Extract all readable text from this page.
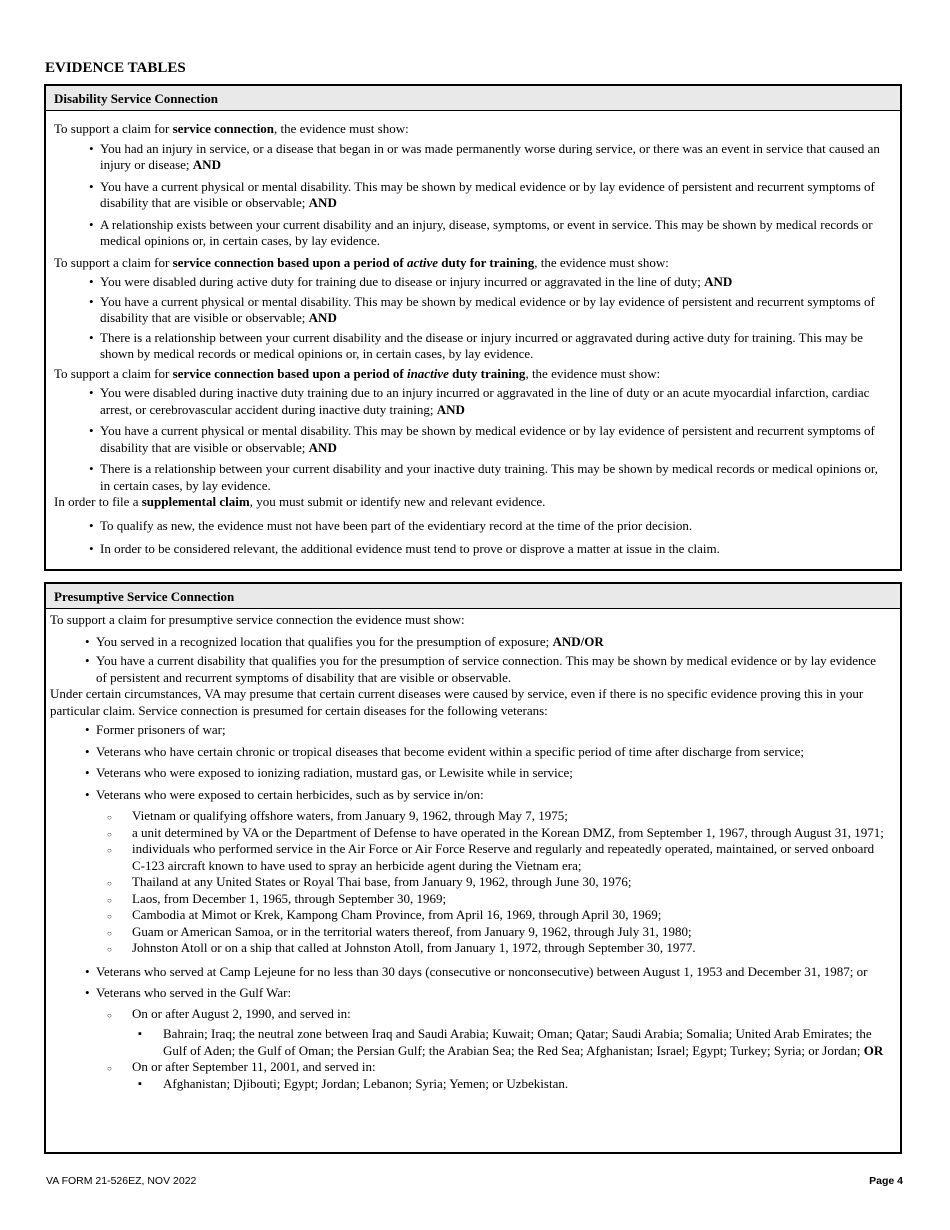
EVIDENCE TABLES
Disability Service Connection

To support a claim for service connection, the evidence must show:

• You had an injury in service, or a disease that began in or was made permanently worse during service, or there was an event in service that caused an injury or disease; AND
• You have a current physical or mental disability. This may be shown by medical evidence or by lay evidence of persistent and recurrent symptoms of disability that are visible or observable; AND
• A relationship exists between your current disability and an injury, disease, symptoms, or event in service. This may be shown by medical records or medical opinions or, in certain cases, by lay evidence.

To support a claim for service connection based upon a period of active duty for training, the evidence must show:

• You were disabled during active duty for training due to disease or injury incurred or aggravated in the line of duty; AND
• You have a current physical or mental disability. This may be shown by medical evidence or by lay evidence of persistent and recurrent symptoms of disability that are visible or observable; AND
• There is a relationship between your current disability and the disease or injury incurred or aggravated during active duty for training. This may be shown by medical records or medical opinions or, in certain cases, by lay evidence.

To support a claim for service connection based upon a period of inactive duty training, the evidence must show:

• You were disabled during inactive duty training due to an injury incurred or aggravated in the line of duty or an acute myocardial infarction, cardiac arrest, or cerebrovascular accident during inactive duty training; AND
• You have a current physical or mental disability. This may be shown by medical evidence or by lay evidence of persistent and recurrent symptoms of disability that are visible or observable; AND
• There is a relationship between your current disability and your inactive duty training. This may be shown by medical records or medical opinions or, in certain cases, by lay evidence.

In order to file a supplemental claim, you must submit or identify new and relevant evidence.

• To qualify as new, the evidence must not have been part of the evidentiary record at the time of the prior decision.
• In order to be considered relevant, the additional evidence must tend to prove or disprove a matter at issue in the claim.
Presumptive Service Connection

To support a claim for presumptive service connection the evidence must show:

• You served in a recognized location that qualifies you for the presumption of exposure; AND/OR
• You have a current disability that qualifies you for the presumption of service connection. This may be shown by medical evidence or by lay evidence of persistent and recurrent symptoms of disability that are visible or observable.

Under certain circumstances, VA may presume that certain current diseases were caused by service, even if there is no specific evidence proving this in your particular claim. Service connection is presumed for certain diseases for the following veterans:

• Former prisoners of war;
• Veterans who have certain chronic or tropical diseases that become evident within a specific period of time after discharge from service;
• Veterans who were exposed to ionizing radiation, mustard gas, or Lewisite while in service;
• Veterans who were exposed to certain herbicides, such as by service in/on:
○ Vietnam or qualifying offshore waters, from January 9, 1962, through May 7, 1975;
○ a unit determined by VA or the Department of Defense to have operated in the Korean DMZ, from September 1, 1967, through August 31, 1971;
○ individuals who performed service in the Air Force or Air Force Reserve and regularly and repeatedly operated, maintained, or served onboard C-123 aircraft known to have used to spray an herbicide agent during the Vietnam era;
○ Thailand at any United States or Royal Thai base, from January 9, 1962, through June 30, 1976;
○ Laos, from December 1, 1965, through September 30, 1969;
○ Cambodia at Mimot or Krek, Kampong Cham Province, from April 16, 1969, through April 30, 1969;
○ Guam or American Samoa, or in the territorial waters thereof, from January 9, 1962, through July 31, 1980;
○ Johnston Atoll or on a ship that called at Johnston Atoll, from January 1, 1972, through September 30, 1977.
• Veterans who served at Camp Lejeune for no less than 30 days (consecutive or nonconsecutive) between August 1, 1953 and December 31, 1987; or
• Veterans who served in the Gulf War:
○ On or after August 2, 1990, and served in:
▪ Bahrain; Iraq; the neutral zone between Iraq and Saudi Arabia; Kuwait; Oman; Qatar; Saudi Arabia; Somalia; United Arab Emirates; the Gulf of Aden; the Gulf of Oman; the Persian Gulf; the Arabian Sea; the Red Sea; Afghanistan; Israel; Egypt; Turkey; Syria; or Jordan; OR
○ On or after September 11, 2001, and served in:
▪ Afghanistan; Djibouti; Egypt; Jordan; Lebanon; Syria; Yemen; or Uzbekistan.
VA FORM 21-526EZ, NOV 2022	Page 4
